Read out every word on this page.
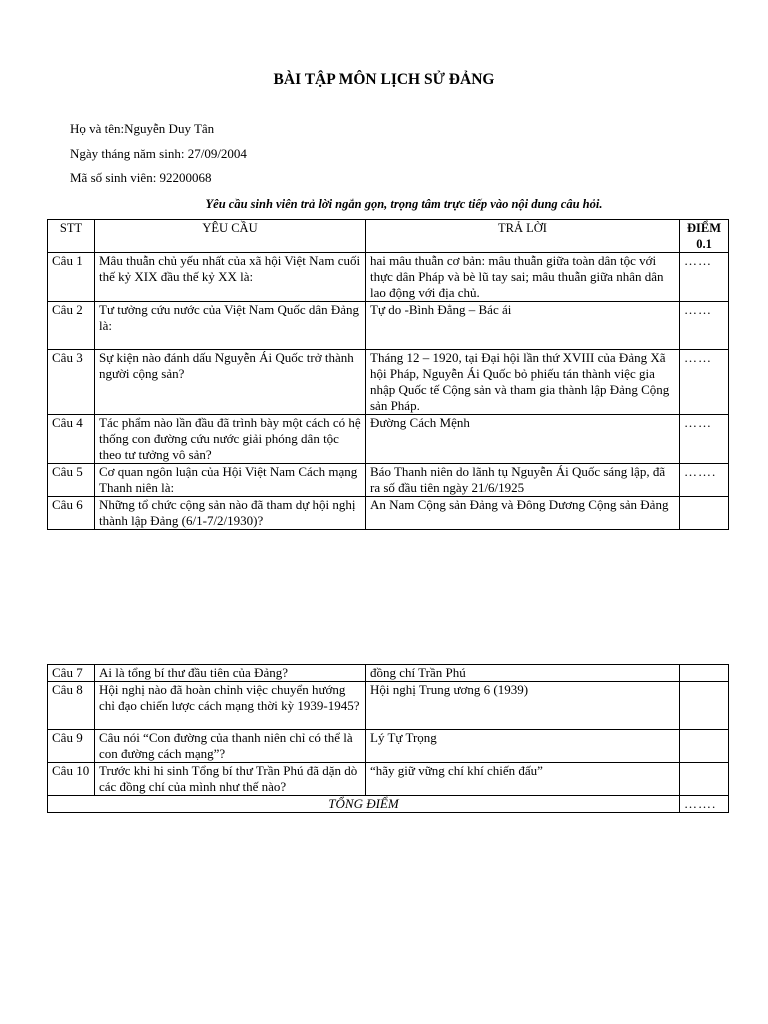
BÀI TẬP MÔN LỊCH SỬ ĐẢNG
Họ và tên:Nguyễn Duy Tân
Ngày tháng năm sinh: 27/09/2004
Mã số sinh viên: 92200068
Yêu cầu sinh viên trả lời ngắn gọn, trọng tâm trực tiếp vào nội dung câu hỏi.
STT	YÊU CẦU	TRẢ LỜI	ĐIỂM 0.1
Câu 1	Mâu thuẫn chủ yếu nhất của xã hội Việt Nam cuối thế kỷ XIX đầu thế kỷ XX là:	hai mâu thuẫn cơ bản: mâu thuẫn giữa toàn dân tộc với thực dân Pháp và bè lũ tay sai; mâu thuẫn giữa nhân dân lao động với địa chủ.	……
Câu 2	Tư tưởng cứu nước của Việt Nam Quốc dân Đảng là:	Tự do -Bình Đẳng – Bác ái	……
Câu 3	Sự kiện nào đánh dấu Nguyễn Ái Quốc trở thành người cộng sản?	Tháng 12 – 1920, tại Đại hội lần thứ XVIII của Đảng Xã hội Pháp, Nguyễn Ái Quốc bỏ phiếu tán thành việc gia nhập Quốc tế Cộng sản và tham gia thành lập Đảng Cộng sản Pháp.	……
Câu 4	Tác phẩm nào lần đầu đã trình bày một cách có hệ thống con đường cứu nước giải phóng dân tộc theo tư tưởng vô sản?	Đường Cách Mệnh	……
Câu 5	Cơ quan ngôn luận của Hội Việt Nam Cách mạng Thanh niên là:	Báo Thanh niên do lãnh tụ Nguyễn Ái Quốc sáng lập, đã ra số đầu tiên ngày 21/6/1925	…….
Câu 6	Những tổ chức cộng sản nào đã tham dự hội nghị thành lập Đảng (6/1-7/2/1930)?	An Nam Cộng sản Đảng và Đông Dương Cộng sản Đảng	
Câu 7	Ai là tổng bí thư đầu tiên của Đảng?	đồng chí Trần Phú	
Câu 8	Hội nghị nào đã hoàn chỉnh việc chuyển hướng chỉ đạo chiến lược cách mạng thời kỳ 1939-1945?	Hội nghị Trung ương 6 (1939)	
Câu 9	Câu nói “Con đường của thanh niên chỉ có thể là con đường cách mạng”?	Lý Tự Trọng	
Câu 10	Trước khi hi sinh Tổng bí thư Trần Phú đã dặn dò các đồng chí của mình như thế nào?	“hãy giữ vững chí khí chiến đấu”	
TỔNG ĐIỂM			…….
